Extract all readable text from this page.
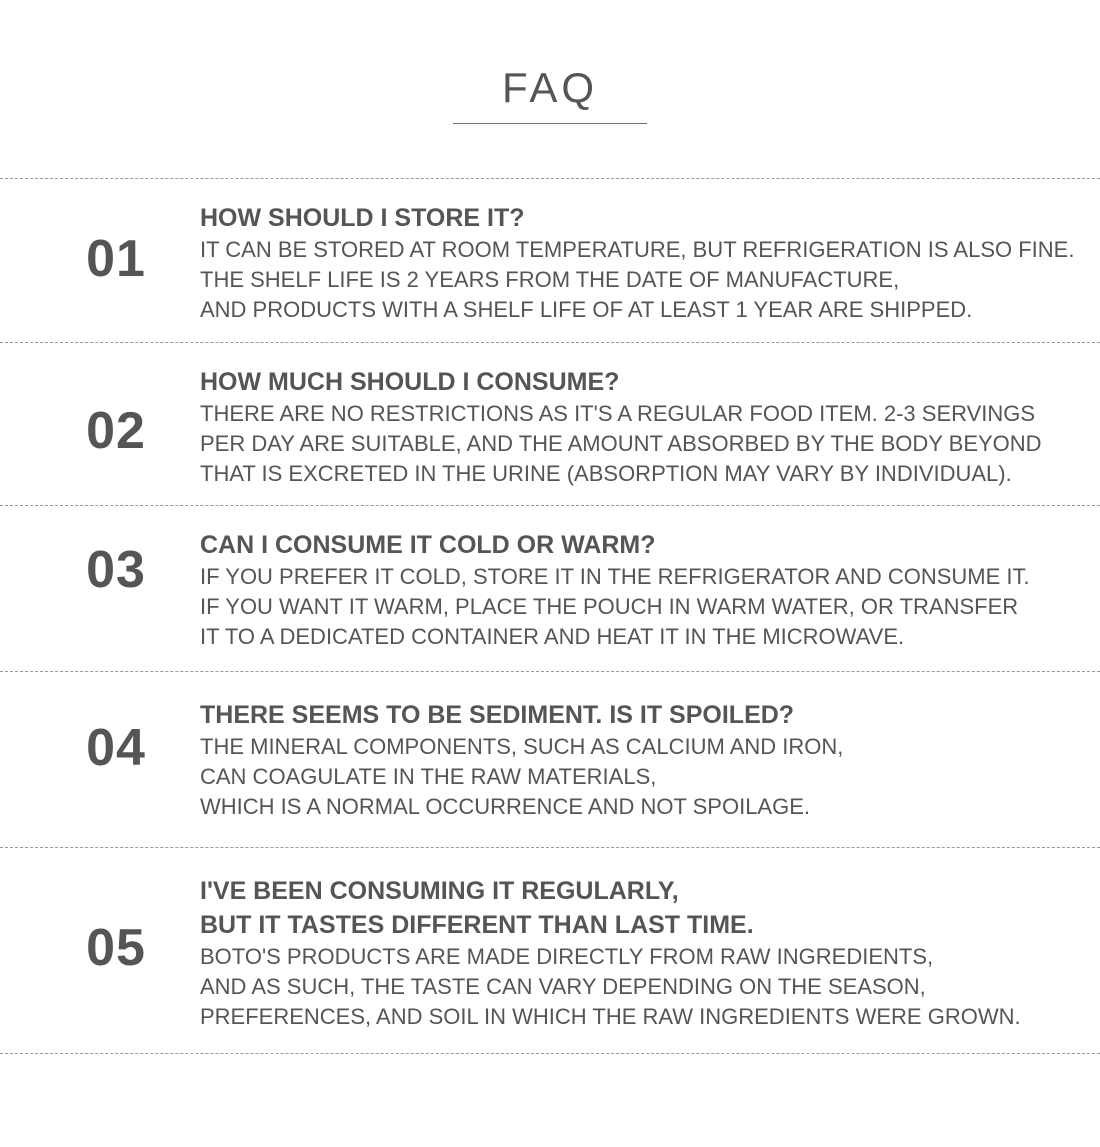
FAQ
01
HOW SHOULD I STORE IT?
IT CAN BE STORED AT ROOM TEMPERATURE, BUT REFRIGERATION IS ALSO FINE.
THE SHELF LIFE IS 2 YEARS FROM THE DATE OF MANUFACTURE,
AND PRODUCTS WITH A SHELF LIFE OF AT LEAST 1 YEAR ARE SHIPPED.
02
HOW MUCH SHOULD I CONSUME?
THERE ARE NO RESTRICTIONS AS IT'S A REGULAR FOOD ITEM. 2-3 SERVINGS
PER DAY ARE SUITABLE, AND THE AMOUNT ABSORBED BY THE BODY BEYOND
THAT IS EXCRETED IN THE URINE (ABSORPTION MAY VARY BY INDIVIDUAL).
03	CAN I CONSUME IT COLD OR WARM?
IF YOU PREFER IT COLD, STORE IT IN THE REFRIGERATOR AND CONSUME IT.
IF YOU WANT IT WARM, PLACE THE POUCH IN WARM WATER, OR TRANSFER
IT TO A DEDICATED CONTAINER AND HEAT IT IN THE MICROWAVE.
04
THERE SEEMS TO BE SEDIMENT. IS IT SPOILED?
THE MINERAL COMPONENTS, SUCH AS CALCIUM AND IRON,
CAN COAGULATE IN THE RAW MATERIALS,
WHICH IS A NORMAL OCCURRENCE AND NOT SPOILAGE.
05
I'VE BEEN CONSUMING IT REGULARLY,
BUT IT TASTES DIFFERENT THAN LAST TIME.
BOTO'S PRODUCTS ARE MADE DIRECTLY FROM RAW INGREDIENTS,
AND AS SUCH, THE TASTE CAN VARY DEPENDING ON THE SEASON,
PREFERENCES, AND SOIL IN WHICH THE RAW INGREDIENTS WERE GROWN.
